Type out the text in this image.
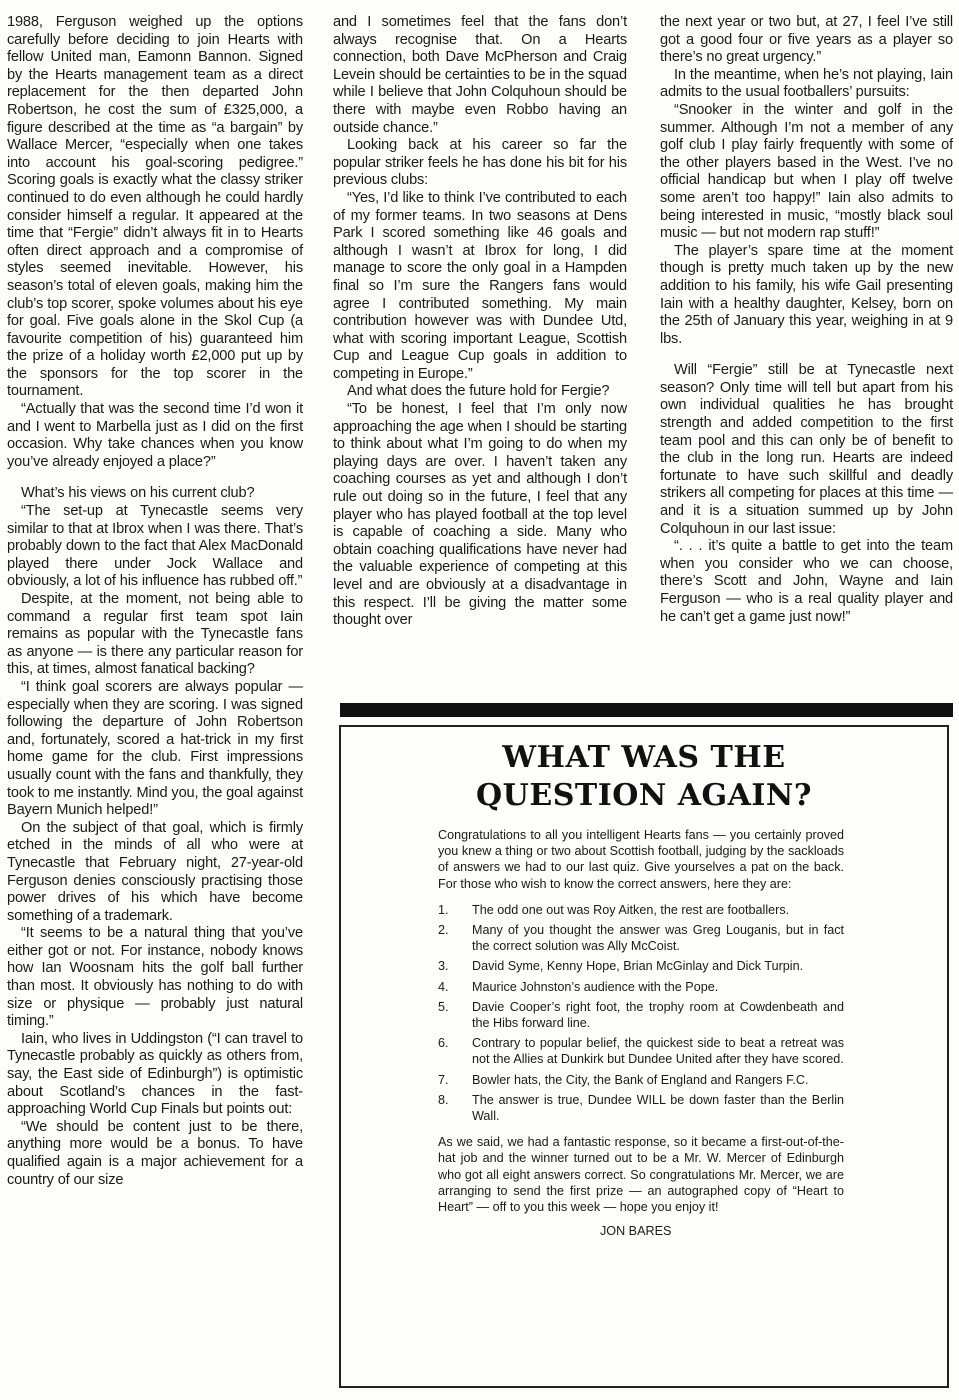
1988, Ferguson weighed up the options carefully before deciding to join Hearts with fellow United man, Eamonn Bannon. Signed by the Hearts management team as a direct replacement for the then departed John Robertson, he cost the sum of £325,000, a figure described at the time as “a bargain” by Wallace Mercer, “especially when one takes into account his goal-scoring pedigree.” Scoring goals is exactly what the classy striker continued to do even although he could hardly consider himself a regular. It appeared at the time that “Fergie” didn’t always fit in to Hearts often direct approach and a compromise of styles seemed inevitable. However, his season’s total of eleven goals, making him the club’s top scorer, spoke volumes about his eye for goal. Five goals alone in the Skol Cup (a favourite competition of his) guaranteed him the prize of a holiday worth £2,000 put up by the sponsors for the top scorer in the tournament.

“Actually that was the second time I’d won it and I went to Marbella just as I did on the first occasion. Why take chances when you know you’ve already enjoyed a place?”

What’s his views on his current club?

“The set-up at Tynecastle seems very similar to that at Ibrox when I was there. That’s probably down to the fact that Alex MacDonald played there under Jock Wallace and obviously, a lot of his influence has rubbed off.”

Despite, at the moment, not being able to command a regular first team spot Iain remains as popular with the Tynecastle fans as anyone — is there any particular reason for this, at times, almost fanatical backing?

“I think goal scorers are always popular — especially when they are scoring. I was signed following the departure of John Robertson and, fortunately, scored a hat-trick in my first home game for the club. First impressions usually count with the fans and thankfully, they took to me instantly. Mind you, the goal against Bayern Munich helped!”

On the subject of that goal, which is firmly etched in the minds of all who were at Tynecastle that February night, 27-year-old Ferguson denies consciously practising those power drives of his which have become something of a trademark.

“It seems to be a natural thing that you’ve either got or not. For instance, nobody knows how Ian Woosnam hits the golf ball further than most. It obviously has nothing to do with size or physique — probably just natural timing.”

Iain, who lives in Uddingston (“I can travel to Tynecastle probably as quickly as others from, say, the East side of Edinburgh”) is optimistic about Scotland’s chances in the fast-approaching World Cup Finals but points out:

“We should be content just to be there, anything more would be a bonus. To have qualified again is a major achievement for a country of our size

and I sometimes feel that the fans don’t always recognise that. On a Hearts connection, both Dave McPherson and Craig Levein should be certainties to be in the squad while I believe that John Colquhoun should be there with maybe even Robbo having an outside chance.”

Looking back at his career so far the popular striker feels he has done his bit for his previous clubs:

“Yes, I’d like to think I’ve contributed to each of my former teams. In two seasons at Dens Park I scored something like 46 goals and although I wasn’t at Ibrox for long, I did manage to score the only goal in a Hampden final so I’m sure the Rangers fans would agree I contributed something. My main contribution however was with Dundee Utd, what with scoring important League, Scottish Cup and League Cup goals in addition to competing in Europe.”

And what does the future hold for Fergie?

“To be honest, I feel that I’m only now approaching the age when I should be starting to think about what I’m going to do when my playing days are over. I haven’t taken any coaching courses as yet and although I don’t rule out doing so in the future, I feel that any player who has played football at the top level is capable of coaching a side. Many who obtain coaching qualifications have never had the valuable experience of competing at this level and are obviously at a disadvantage in this respect. I’ll be giving the matter some thought over

the next year or two but, at 27, I feel I’ve still got a good four or five years as a player so there’s no great urgency.”

In the meantime, when he’s not playing, Iain admits to the usual footballers’ pursuits:

“Snooker in the winter and golf in the summer. Although I’m not a member of any golf club I play fairly frequently with some of the other players based in the West. I’ve no official handicap but when I play off twelve some aren’t too happy!” Iain also admits to being interested in music, “mostly black soul music — but not modern rap stuff!”

The player’s spare time at the moment though is pretty much taken up by the new addition to his family, his wife Gail presenting Iain with a healthy daughter, Kelsey, born on the 25th of January this year, weighing in at 9 lbs.

Will “Fergie” still be at Tynecastle next season? Only time will tell but apart from his own individual qualities he has brought strength and added competition to the first team pool and this can only be of benefit to the club in the long run. Hearts are indeed fortunate to have such skillful and deadly strikers all competing for places at this time — and it is a situation summed up by John Colquhoun in our last issue:

“. . . it’s quite a battle to get into the team when you consider who we can choose, there’s Scott and John, Wayne and Iain Ferguson — who is a real quality player and he can’t get a game just now!”

WHAT WAS THE
QUESTION AGAIN?

Congratulations to all you intelligent Hearts fans — you certainly proved you knew a thing or two about Scottish football, judging by the sackloads of answers we had to our last quiz. Give yourselves a pat on the back. For those who wish to know the correct answers, here they are:

1.	The odd one out was Roy Aitken, the rest are footballers.
2.	Many of you thought the answer was Greg Louganis, but in fact the correct solution was Ally McCoist.
3.	David Syme, Kenny Hope, Brian McGinlay and Dick Turpin.
4.	Maurice Johnston’s audience with the Pope.
5.	Davie Cooper’s right foot, the trophy room at Cowdenbeath and the Hibs forward line.
6.	Contrary to popular belief, the quickest side to beat a retreat was not the Allies at Dunkirk but Dundee United after they have scored.
7.	Bowler hats, the City, the Bank of England and Rangers F.C.
8.	The answer is true, Dundee WILL be down faster than the Berlin Wall.

As we said, we had a fantastic response, so it became a first-out-of-the-hat job and the winner turned out to be a Mr. W. Mercer of Edinburgh who got all eight answers correct. So congratulations Mr. Mercer, we are arranging to send the first prize — an autographed copy of “Heart to Heart” — off to you this week — hope you enjoy it!

JON BARES
